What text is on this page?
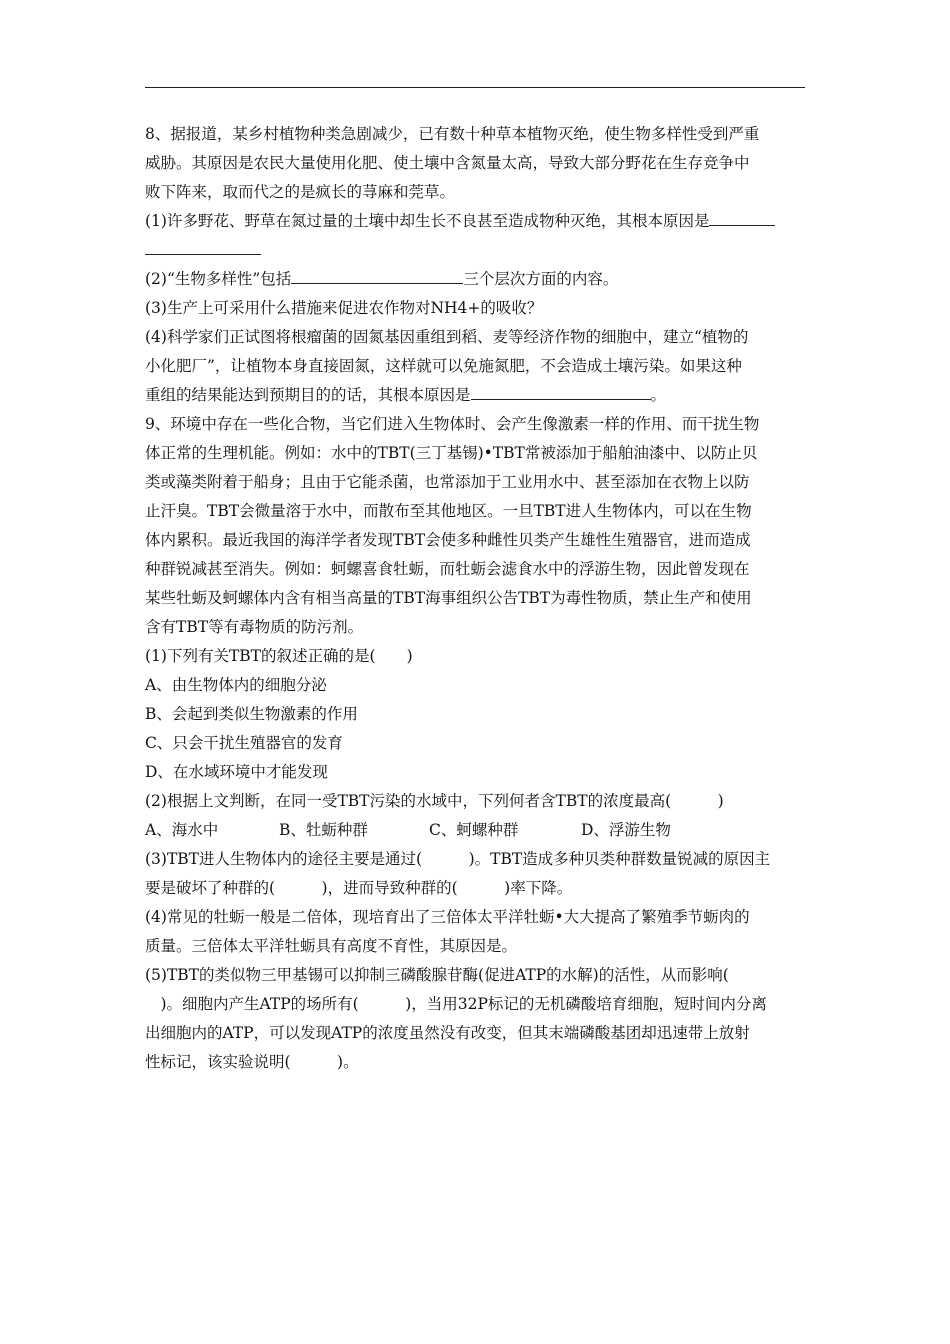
8、据报道，某乡村植物种类急剧减少，已有数十种草本植物灭绝，使生物多样性受到严重

威胁。其原因是农民大量使用化肥、使土壤中含氮量太高，导致大部分野花在生存竞争中

败下阵来，取而代之的是疯长的荨麻和莞草。

(1)许多野花、野草在氮过量的土壤中却生长不良甚至造成物种灭绝，其根本原因是

(2)“生物多样性”包括	三个层次方面的内容。

(3)生产上可采用什么措施来促进农作物对NH4+的吸收？

(4)科学家们正试图将根瘤菌的固氮基因重组到稻、麦等经济作物的细胞中，建立“植物的

小化肥厂”，让植物本身直接固氮，这样就可以免施氮肥，不会造成土壤污染。如果这种

重组的结果能达到预期目的的话，其根本原因是	。

9、环境中存在一些化合物，当它们进入生物体时、会产生像激素一样的作用、而干扰生物

体正常的生理机能。例如：水中的TBT(三丁基锡)•TBT常被添加于船舶油漆中、以防止贝

类或藻类附着于船身；且由于它能杀菌，也常添加于工业用水中、甚至添加在衣物上以防

止汗臭。TBT会微量溶于水中，而散布至其他地区。一旦TBT进人生物体内，可以在生物

体内累积。最近我国的海洋学者发现TBT会使多种雌性贝类产生雄性生殖器官，进而造成

种群锐减甚至消失。例如：蚵螺喜食牡蛎，而牡蛎会滤食水中的浮游生物，因此曾发现在

某些牡蛎及蚵螺体内含有相当高量的TBT海事组织公告TBT为毒性物质，禁止生产和使用

含有TBT等有毒物质的防污剂。

(1)下列有关TBT的叙述正确的是(　　)

A、由生物体内的细胞分泌

B、会起到类似生物激素的作用

C、只会干扰生殖器官的发育

D、在水域环境中才能发现

(2)根据上文判断，在同一受TBT污染的水域中，下列何者含TBT的浓度最高(　　　)

A、海水中	B、牡蛎种群	C、蚵螺种群	D、浮游生物

(3)TBT进人生物体内的途径主要是通过(　　　)。TBT造成多种贝类种群数量锐减的原因主

要是破坏了种群的(　　　)，进而导致种群的(　　　)率下降。

(4)常见的牡蛎一般是二倍体，现培育出了三倍体太平洋牡蛎•大大提高了繁殖季节蛎肉的

质量。三倍体太平洋牡蛎具有高度不育性，其原因是。

(5)TBT的类似物三甲基锡可以抑制三磷酸腺苷酶(促进ATP的水解)的活性，从而影响(

　)。细胞内产生ATP的场所有(　　　)，当用32P标记的无机磷酸培育细胞，短时间内分离

出细胞内的ATP，可以发现ATP的浓度虽然没有改变，但其末端磷酸基团却迅速带上放射

性标记，该实验说明(　　　)。
